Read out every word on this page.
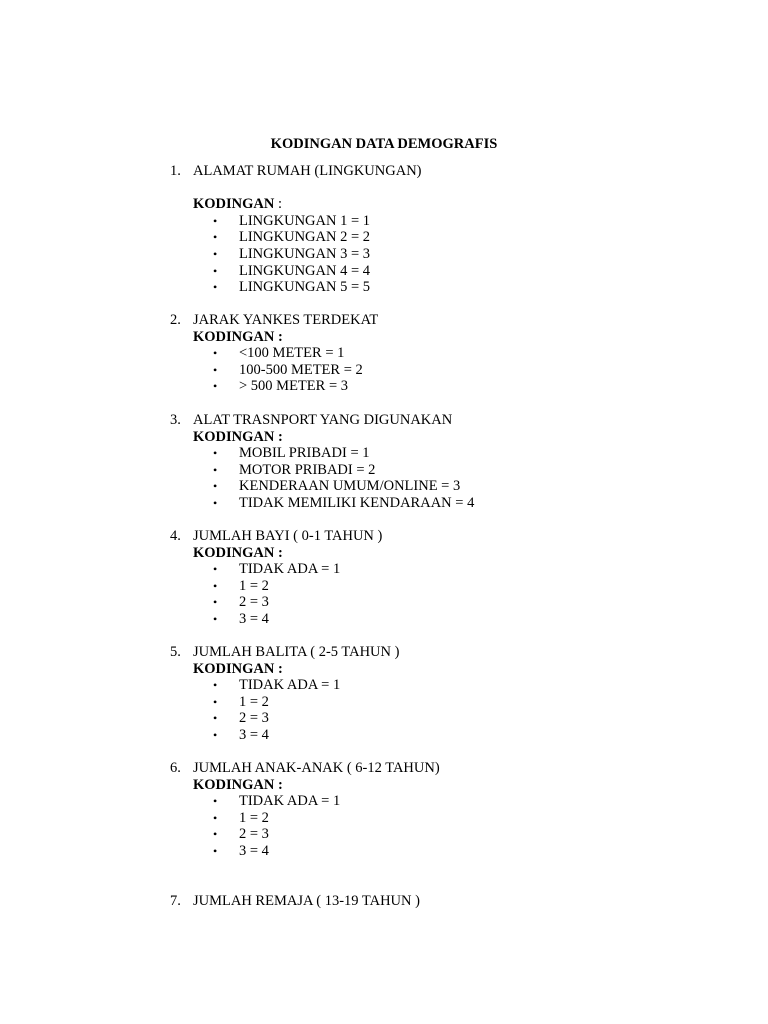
KODINGAN DATA DEMOGRAFIS
1. ALAMAT RUMAH (LINGKUNGAN)
KODINGAN :
• LINGKUNGAN 1 = 1
• LINGKUNGAN 2 = 2
• LINGKUNGAN 3 = 3
• LINGKUNGAN 4 = 4
• LINGKUNGAN 5 = 5
2. JARAK YANKES TERDEKAT
KODINGAN :
• <100 METER = 1
• 100-500 METER = 2
• > 500 METER = 3
3. ALAT TRASNPORT YANG DIGUNAKAN
KODINGAN :
• MOBIL PRIBADI = 1
• MOTOR PRIBADI = 2
• KENDERAAN UMUM/ONLINE = 3
• TIDAK MEMILIKI KENDARAAN = 4
4. JUMLAH BAYI ( 0-1 TAHUN )
KODINGAN :
• TIDAK ADA = 1
• 1 = 2
• 2 = 3
• 3 = 4
5. JUMLAH BALITA ( 2-5 TAHUN )
KODINGAN :
• TIDAK ADA = 1
• 1 = 2
• 2 = 3
• 3 = 4
6. JUMLAH ANAK-ANAK ( 6-12 TAHUN)
KODINGAN :
• TIDAK ADA = 1
• 1 = 2
• 2 = 3
• 3 = 4
7. JUMLAH REMAJA ( 13-19 TAHUN )
